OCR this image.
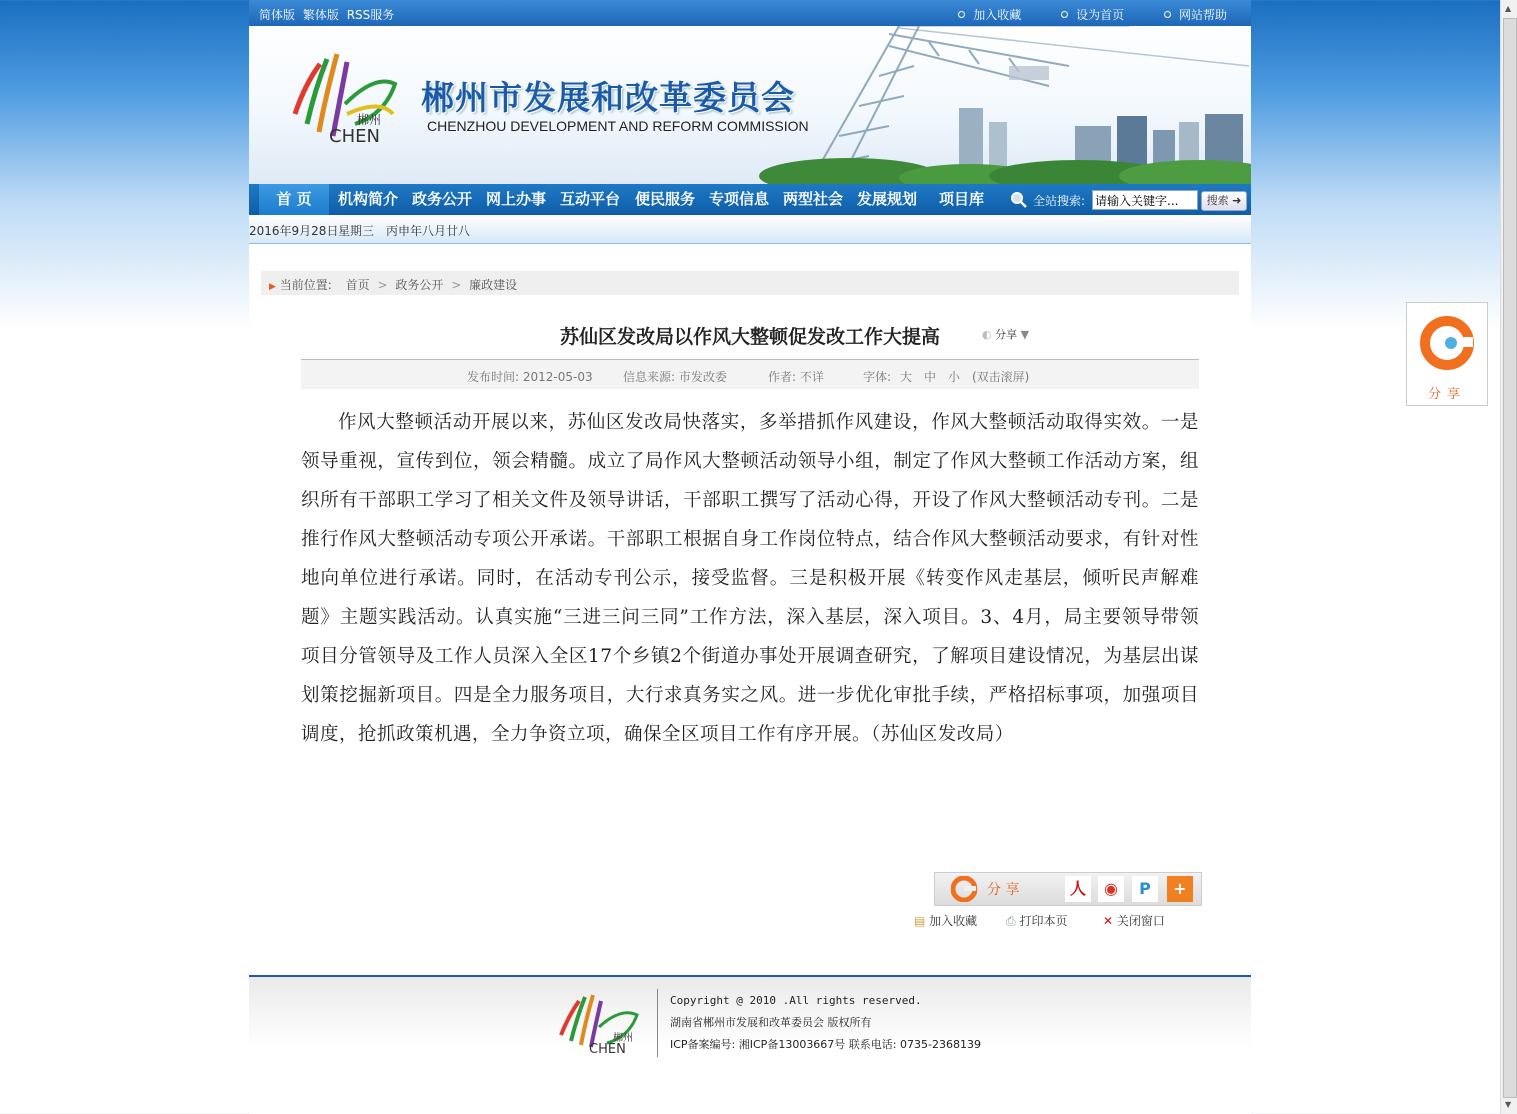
简体版 繁体版 RSS服务	加入收藏	设为首页	网站帮助
郴州
CHEN
郴州市发展和改革委员会
CHENZHOU DEVELOPMENT AND REFORM COMMISSION
首 页	机构简介 政务公开 网上办事 互动平台 便民服务 专项信息 两型社会 发展规划 项目库	全站搜索:
请输入关键字...	搜索 ➜
2016年9月28日 星期三 丙申年八月廿八
▶ 当前位置: 首页 > 政务公开 > 廉政建设
苏仙区发改局以作风大整顿促发改工作大提高	◐ 分享 ▼
发布时间: 2012-05-03	信息来源: 市发改委	作者: 不详	字体: 大 中 小 (双击滚屏)
作风大整顿活动开展以来，苏仙区发改局快落实，多举措抓作风建设，作风大整顿活动取得实效。一是领导重视，宣传到位，领会精髓。成立了局作风大整顿活动领导小组，制定了作风大整顿工作活动方案，组织所有干部职工学习了相关文件及领导讲话，干部职工撰写了活动心得，开设了作风大整顿活动专刊。二是推行作风大整顿活动专项公开承诺。干部职工根据自身工作岗位特点，结合作风大整顿活动要求，有针对性地向单位进行承诺。同时，在活动专刊公示，接受监督。三是积极开展《转变作风走基层，倾听民声解难题》主题实践活动。认真实施“三进三问三同”工作方法，深入基层，深入项目。3、4月，局主要领导带领项目分管领导及工作人员深入全区17个乡镇2个街道办事处开展调查研究，了解项目建设情况，为基层出谋划策挖掘新项目。四是全力服务项目，大行求真务实之风。进一步优化审批手续，严格招标事项，加强项目调度，抢抓政策机遇，全力争资立项，确保全区项目工作有序开展。（苏仙区发改局）
分 享	人	◉	P	+
▤ 加入收藏 ⎙ 打印本页	✕ 关闭窗口
郴州
CHEN
Copyright @ 2010 .All rights reserved.
湖南省郴州市发展和改革委员会 版权所有
ICP备案编号: 湘ICP备13003667号 联系电话: 0735-2368139
分享
▲
▼
